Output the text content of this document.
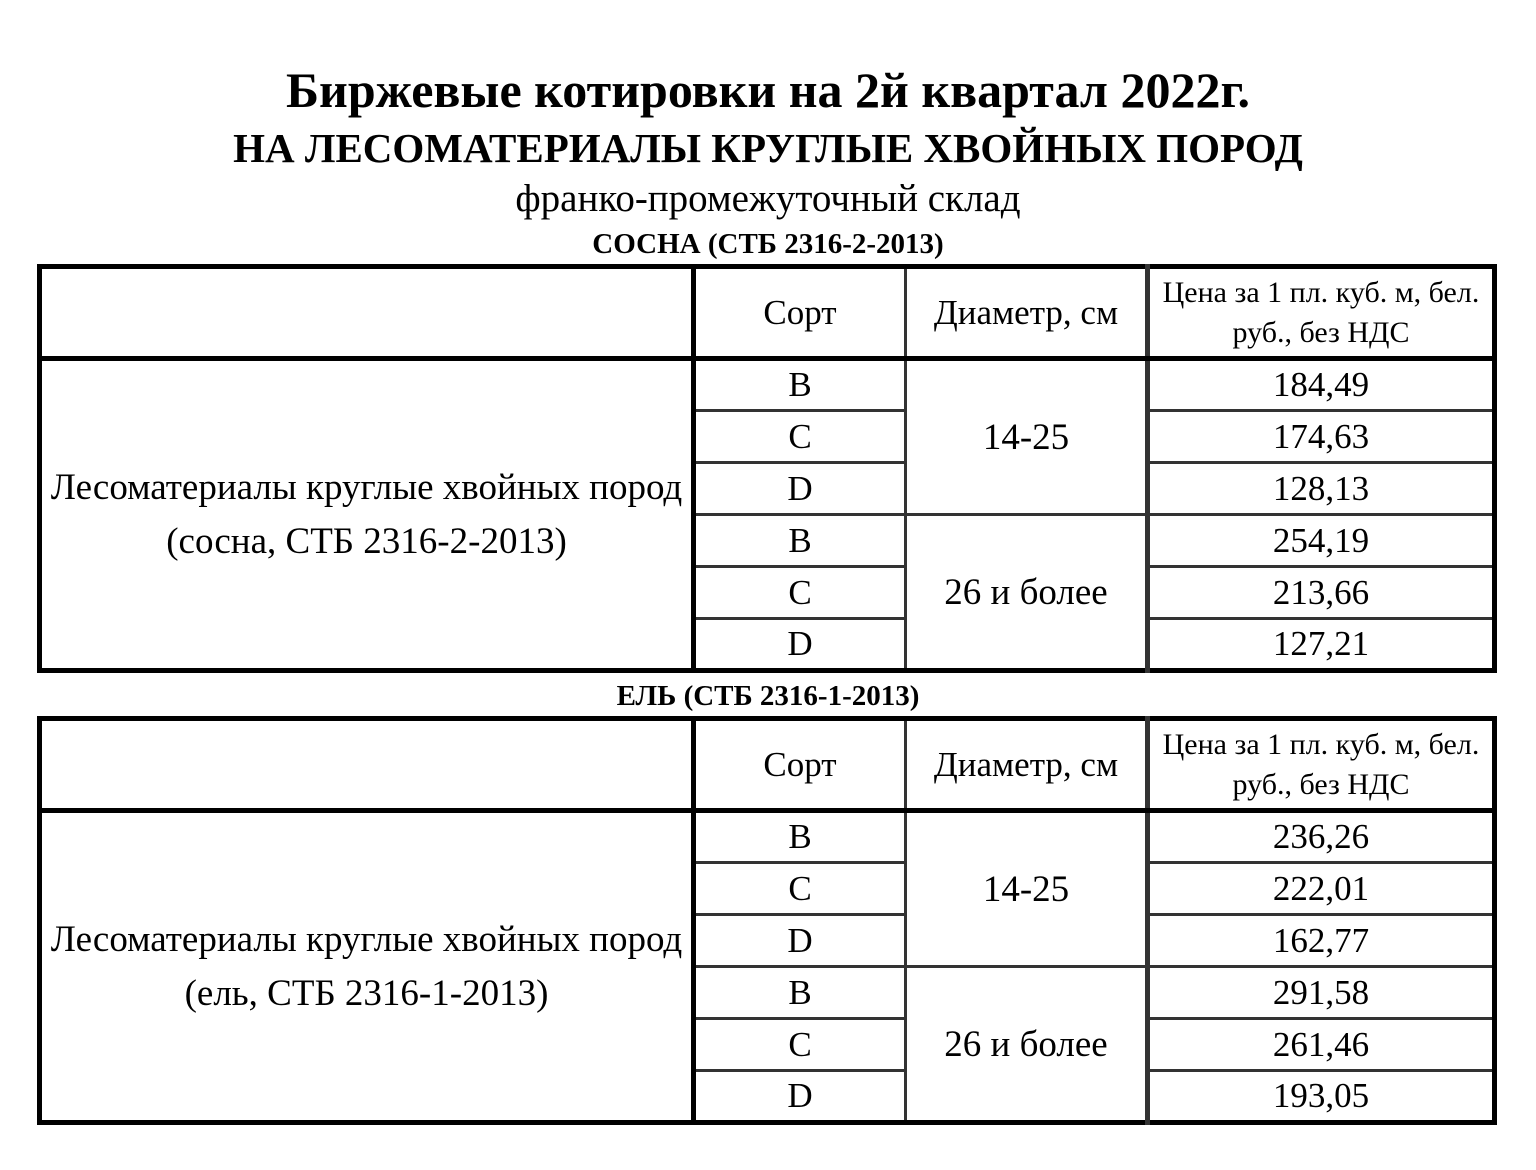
Биржевые котировки на 2й квартал 2022г.
НА ЛЕСОМАТЕРИАЛЫ КРУГЛЫЕ ХВОЙНЫХ ПОРОД
франко-промежуточный склад
СОСНА (СТБ 2316-2-2013)
	Сорт	Диаметр, см	Цена за 1 пл. куб. м, бел. руб., без НДС
Лесоматериалы круглые хвойных пород (сосна, СТБ 2316-2-2013)	B	14-25	184,49
	C		174,63
	D		128,13
	B	26 и более	254,19
	C		213,66
	D		127,21
ЕЛЬ (СТБ 2316-1-2013)
	Сорт	Диаметр, см	Цена за 1 пл. куб. м, бел. руб., без НДС
Лесоматериалы круглые хвойных пород (ель, СТБ 2316-1-2013)	B	14-25	236,26
	C		222,01
	D		162,77
	B	26 и более	291,58
	C		261,46
	D		193,05
